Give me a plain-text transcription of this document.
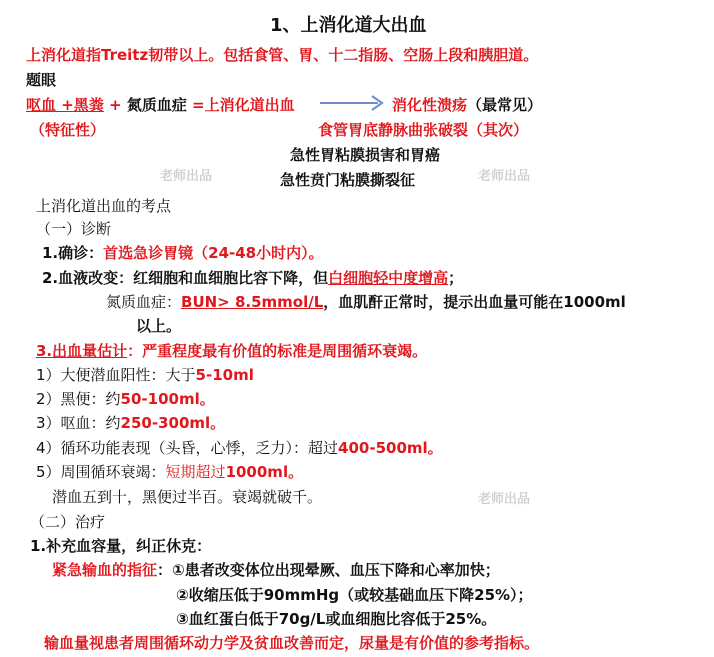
1、上消化道大出血
上消化道指Treitz韧带以上。包括食管、胃、十二指肠、空肠上段和胰胆道。
题眼
呕血 +黑粪 + 氮质血症 =上消化道出血	消化性溃疡（最常见）
（特征性）	食管胃底静脉曲张破裂（其次）
急性胃粘膜损害和胃癌
急性贲门粘膜撕裂征
老师出品	老师出品
老师出品
上消化道出血的考点
（一）诊断
1.确诊：首选急诊胃镜（24-48小时内）。
2.血液改变：红细胞和血细胞比容下降，但白细胞轻中度增高；
氮质血症：BUN> 8.5mmol/L，血肌酐正常时，提示出血量可能在1000ml
以上。
3.出血量估计：严重程度最有价值的标准是周围循环衰竭。
1）大便潜血阳性：大于5-10ml
2）黑便：约50-100ml。
3）呕血：约250-300ml。
4）循环功能表现（头昏，心悸，乏力）：超过400-500ml。
5）周围循环衰竭：短期超过1000ml。
潜血五到十，黑便过半百。衰竭就破千。
（二）治疗
1.补充血容量，纠正休克：
紧急输血的指征：①患者改变体位出现晕厥、血压下降和心率加快；
②收缩压低于90mmHg（或较基础血压下降25%）；
③血红蛋白低于70g/L或血细胞比容低于25%。
输血量视患者周围循环动力学及贫血改善而定，尿量是有价值的参考指标。
